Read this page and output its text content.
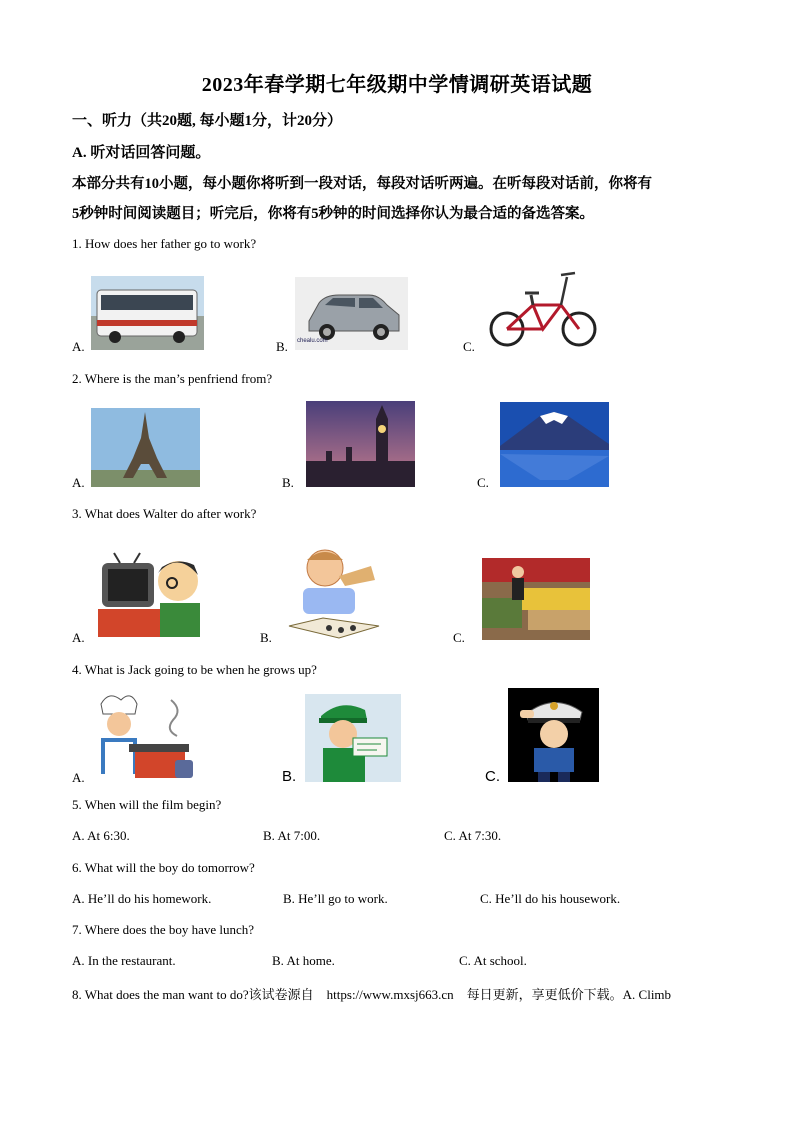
2023年春学期七年级期中学情调研英语试题
一、听力（共20题, 每小题1分，计20分）
A. 听对话回答问题。
本部分共有10小题，每小题你将听到一段对话，每段对话听两遍。在听每段对话前，你将有
5秒钟时间阅读题目；听完后，你将有5秒钟的时间选择你认为最合适的备选答案。
1. How does her father go to work?
A.	B. chealu.com	C.
2. Where is the man’s penfriend from?
A.	B.	C.
3. What does Walter do after work?
A.	B.	C.
4. What is Jack going to be when he grows up?
A.	B.	C.
5. When will the film begin?
A. At 6:30.	B. At 7:00.	C. At 7:30.
6. What will the boy do tomorrow?
A. He’ll do his homework.	B. He’ll go to work.	C. He’ll do his housework.
7. Where does the boy have lunch?
A. In the restaurant.	B. At home.	C. At school.
8. What does the man want to do?该试卷源自    https://www.mxsj663.cn    每日更新，享更低价下载。A. Climb
